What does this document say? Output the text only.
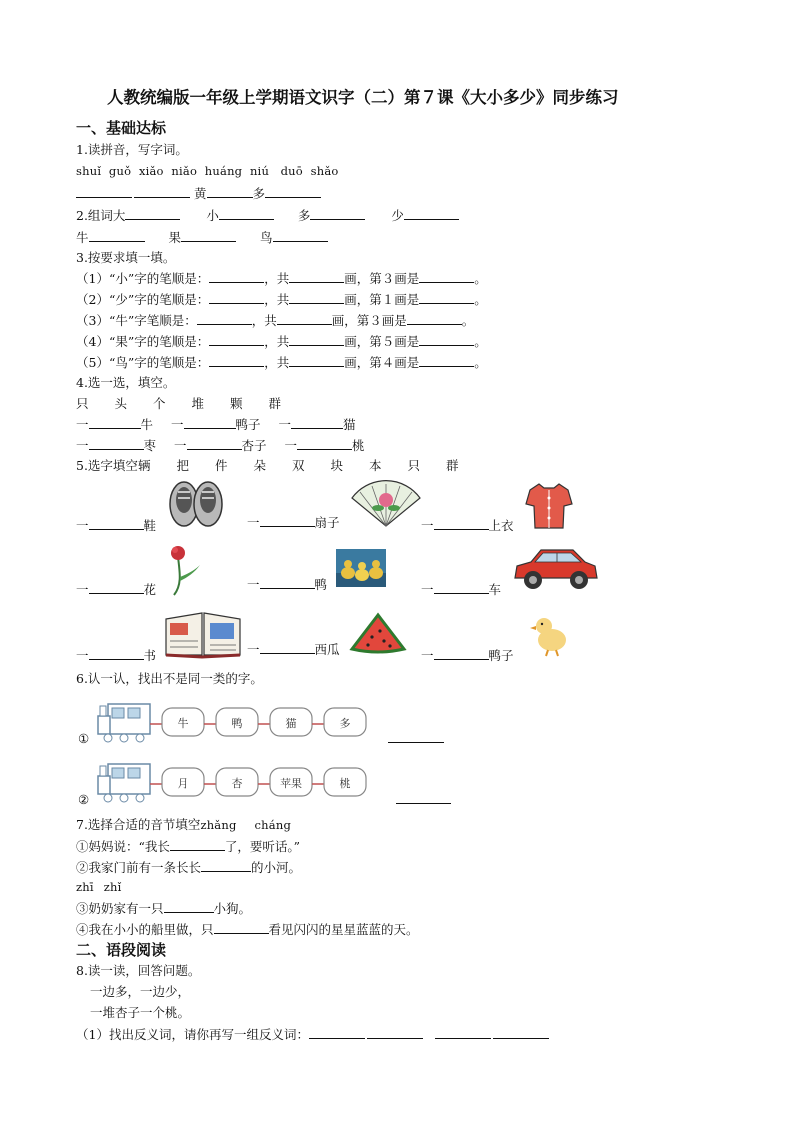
人教统编版一年级上学期语文识字（二）第７课《大小多少》同步练习
一、基础达标
1.读拼音，写字词。
shuǐ guǒ xiǎo niǎo huáng niú duō shǎo
黄	多
2.组词大	小	多	少
牛	果	鸟
3.按要求填一填。
（1）“小”字的笔顺是：	，共	画，第３画是	。
（2）“少”字的笔顺是：	，共	画，第１画是	。
（3）“牛”字笔顺是：	，共	画，第３画是	。
（4）“果”字的笔顺是：	，共	画，第５画是	。
（5）“鸟”字的笔顺是：	，共	画，第４画是	。
4.选一选，填空。
只 头 个 堆 颗 群
一	牛 一	鸭子 一	猫
一	枣 一	杏子 一	桃
5.选字填空辆 把 件 朵 双 块 本 只 群
一	鞋	一	扇子	一	上衣
一	花	一	鸭	一	车
一	书	一	西瓜	一	鸭子
6.认一认，找出不是同一类的字。
①
牛	鸭	猫	多
②
月	杏	苹果	桃
7.选择合适的音节填空zhǎng cháng
①妈妈说：“我长	了，要听话。”
②我家门前有一条长长	的小河。
zhī zhǐ
③奶奶家有一只	小狗。
④我在小小的船里做，只	看见闪闪的星星蓝蓝的天。
二、语段阅读
8.读一读，回答问题。
一边多，一边少，
一堆杏子一个桃。
（1）找出反义词，请你再写一组反义词：
